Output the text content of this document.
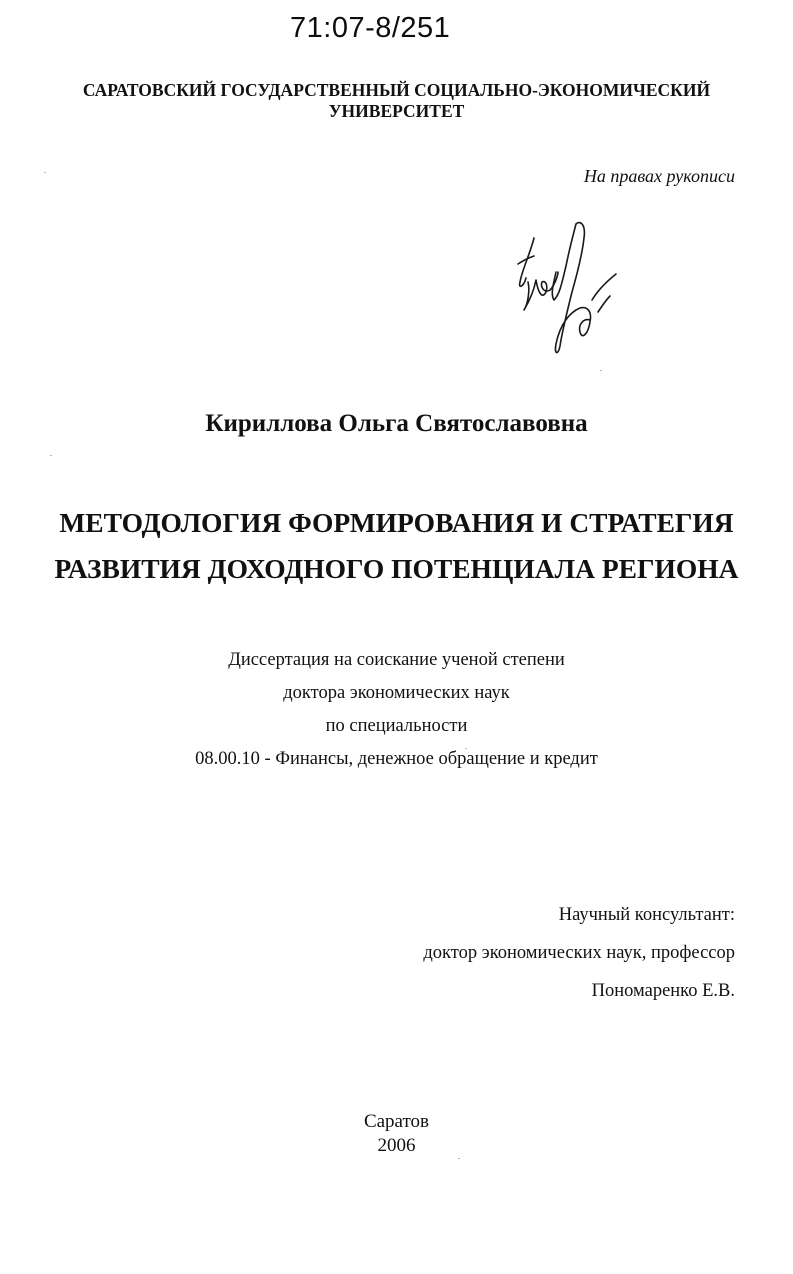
71:07-8/251

САРАТОВСКИЙ ГОСУДАРСТВЕННЫЙ СОЦИАЛЬНО-ЭКОНОМИЧЕСКИЙ
УНИВЕРСИТЕТ

На правах рукописи

Кириллова Ольга Святославовна

МЕТОДОЛОГИЯ ФОРМИРОВАНИЯ И СТРАТЕГИЯ
РАЗВИТИЯ ДОХОДНОГО ПОТЕНЦИАЛА РЕГИОНА
Диссертация на соискание ученой степени
доктора экономических наук
по специальности
08.00.10 - Финансы, денежное обращение и кредит
Научный консультант:
доктор экономических наук, профессор
Пономаренко Е.В.
Саратов
2006
